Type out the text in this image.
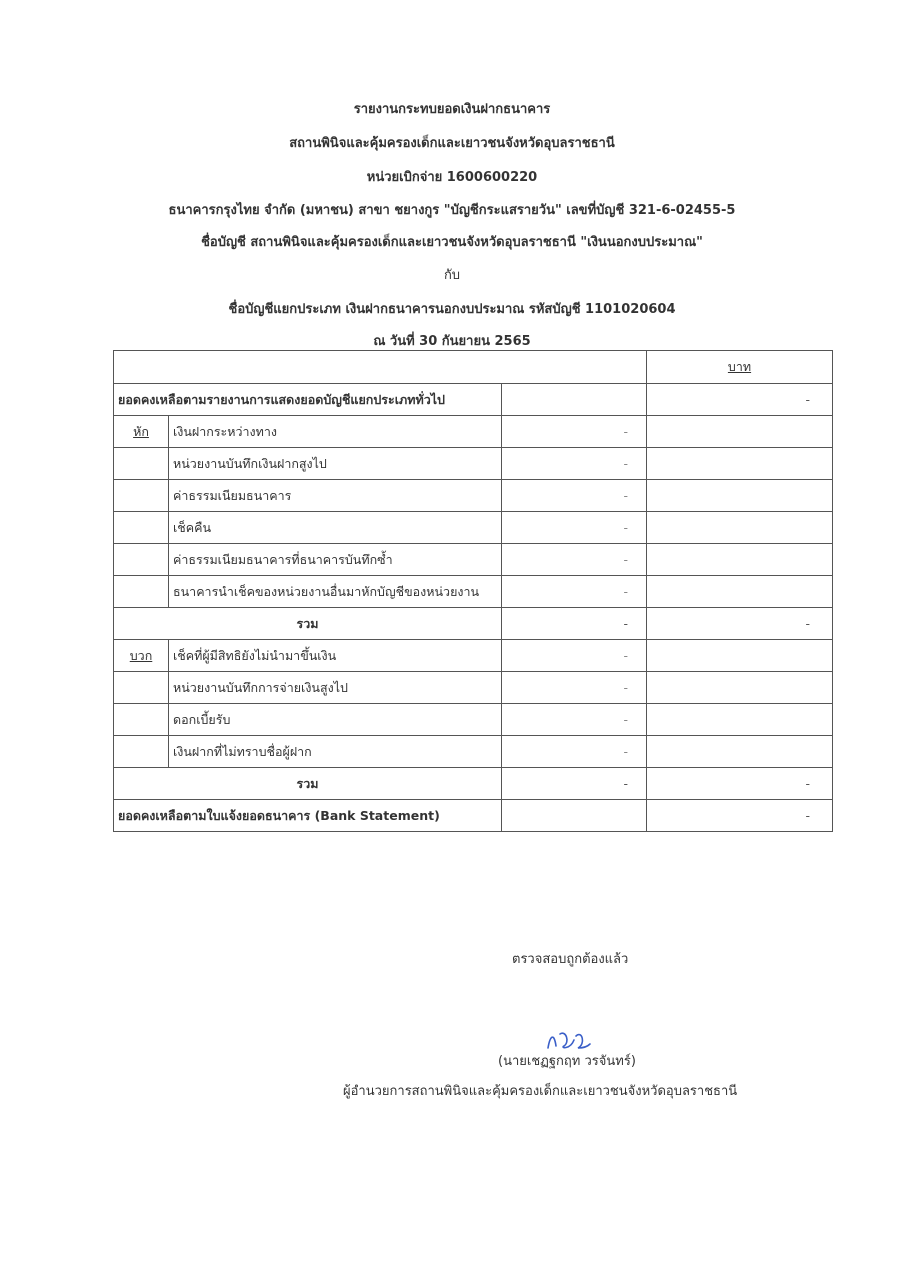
รายงานกระทบยอดเงินฝากธนาคาร
สถานพินิจและคุ้มครองเด็กและเยาวชนจังหวัดอุบลราชธานี
หน่วยเบิกจ่าย 1600600220
ธนาคารกรุงไทย จำกัด (มหาชน) สาขา ชยางกูร "บัญชีกระแสรายวัน" เลขที่บัญชี 321-6-02455-5
ชื่อบัญชี สถานพินิจและคุ้มครองเด็กและเยาวชนจังหวัดอุบลราชธานี "เงินนอกงบประมาณ"
กับ
ชื่อบัญชีแยกประเภท เงินฝากธนาคารนอกงบประมาณ รหัสบัญชี 1101020604
ณ วันที่ 30 กันยายน 2565
			บาท
ยอดคงเหลือตามรายงานการแสดงยอดบัญชีแยกประเภททั่วไป			-
หัก	เงินฝากระหว่างทาง	-	
	หน่วยงานบันทึกเงินฝากสูงไป	-	
	ค่าธรรมเนียมธนาคาร	-	
	เช็คคืน	-	
	ค่าธรรมเนียมธนาคารที่ธนาคารบันทึกซ้ำ	-	
	ธนาคารนำเช็คของหน่วยงานอื่นมาหักบัญชีของหน่วยงาน	-	
รวม		-	-
บวก	เช็คที่ผู้มีสิทธิยังไม่นำมาขึ้นเงิน	-	
	หน่วยงานบันทึกการจ่ายเงินสูงไป	-	
	ดอกเบี้ยรับ	-	
	เงินฝากที่ไม่ทราบชื่อผู้ฝาก	-	
รวม		-	-
ยอดคงเหลือตามใบแจ้งยอดธนาคาร (Bank Statement)			-
ตรวจสอบถูกต้องแล้ว
(นายเชฏฐกฤท วรจันทร์)
ผู้อำนวยการสถานพินิจและคุ้มครองเด็กและเยาวชนจังหวัดอุบลราชธานี
